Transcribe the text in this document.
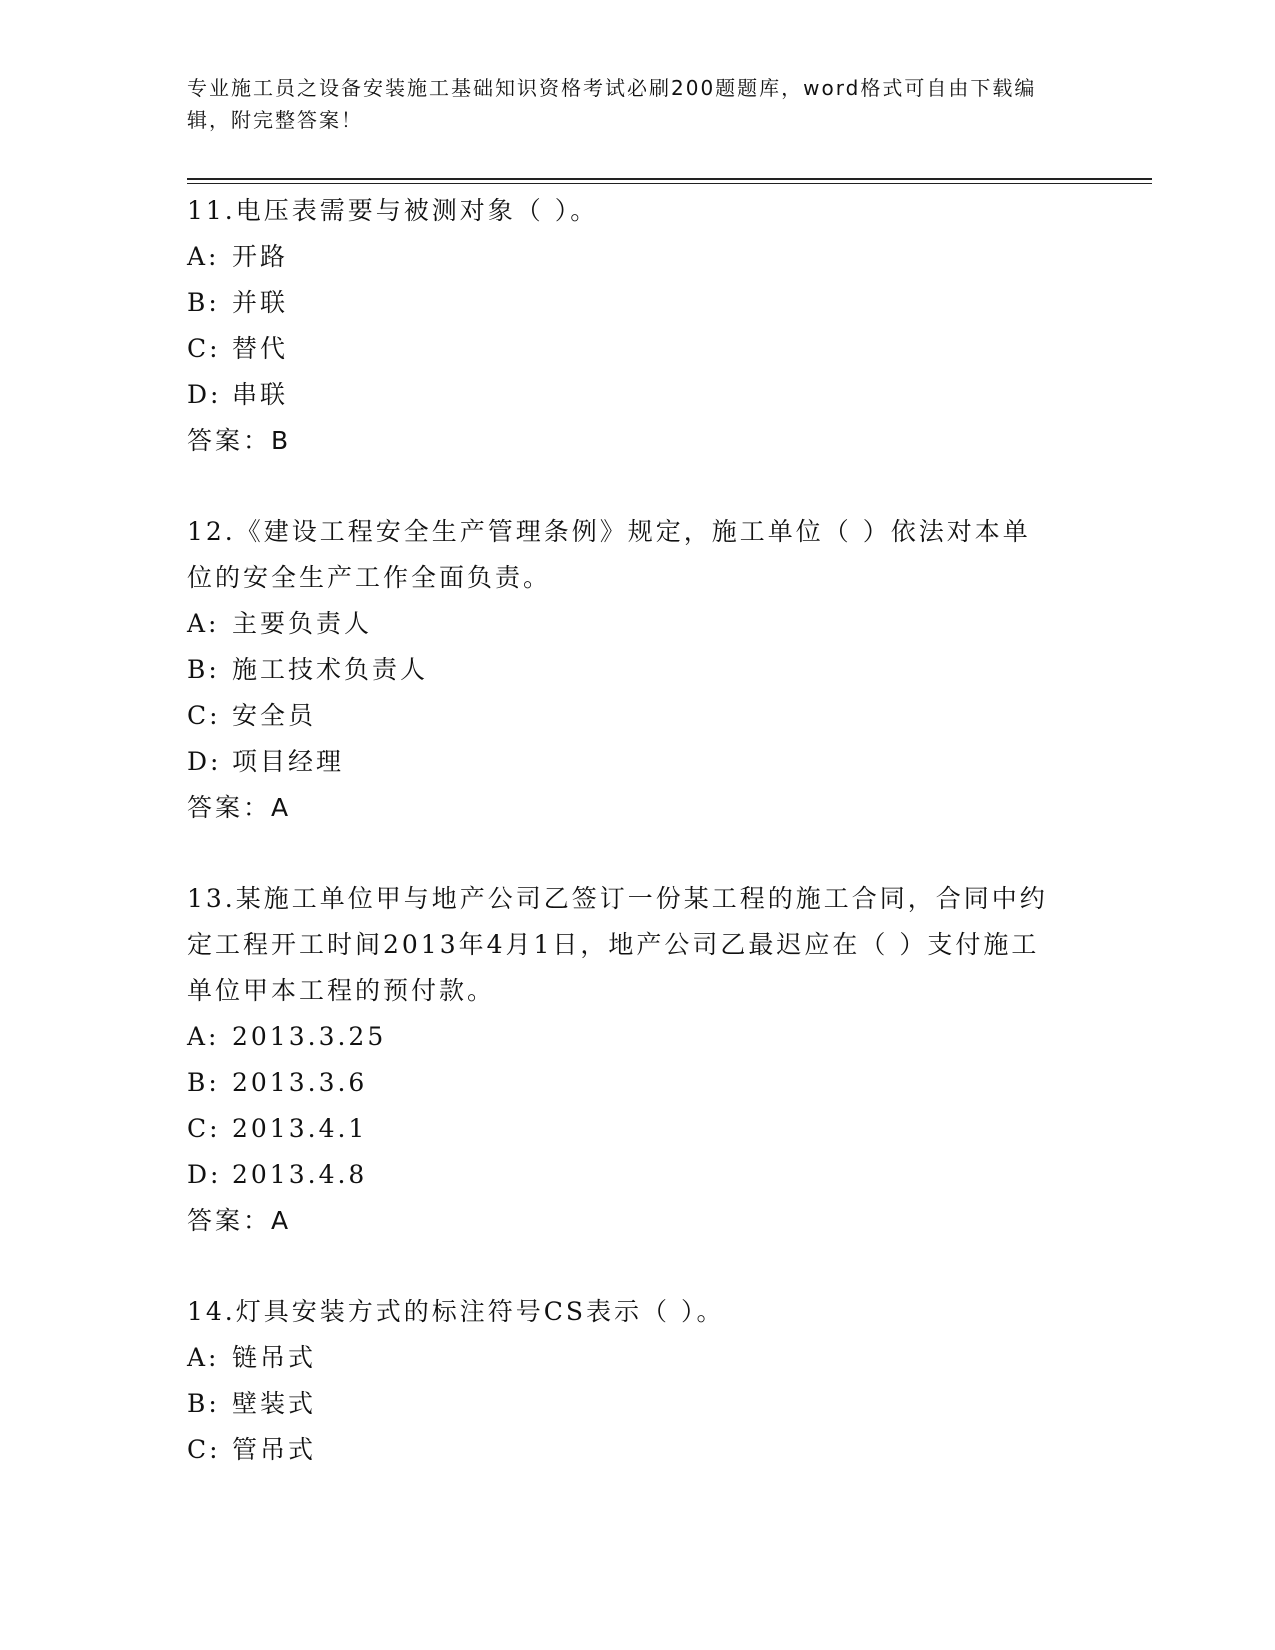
专业施工员之设备安装施工基础知识资格考试必刷200题题库，word格式可自由下载编辑，附完整答案！
11.电压表需要与被测对象（ ）。
A: 开路
B: 并联
C: 替代
D: 串联
答案：B
12.《建设工程安全生产管理条例》规定，施工单位（ ）依法对本单位的安全生产工作全面负责。
A: 主要负责人
B: 施工技术负责人
C: 安全员
D: 项目经理
答案：A
13.某施工单位甲与地产公司乙签订一份某工程的施工合同，合同中约定工程开工时间2013年4月1日，地产公司乙最迟应在（ ）支付施工单位甲本工程的预付款。
A: 2013.3.25
B: 2013.3.6
C: 2013.4.1
D: 2013.4.8
答案：A
14.灯具安装方式的标注符号CS表示（ ）。
A: 链吊式
B: 壁装式
C: 管吊式
